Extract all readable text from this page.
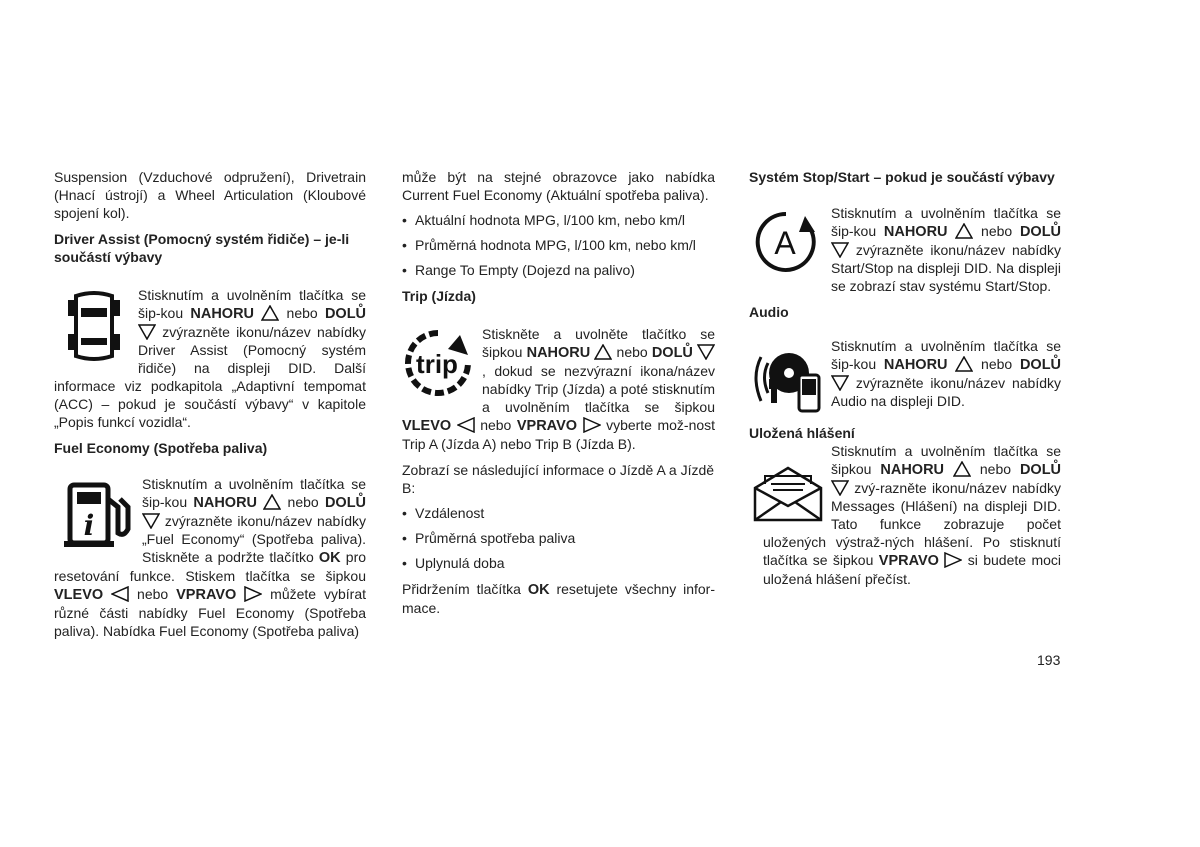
Suspension (Vzduchové odpružení), Drivetrain (Hnací ústrojí) a Wheel Articulation (Kloubové spojení kol).

Driver Assist (Pomocný systém řidiče) – je-li součástí výbavy

Stisknutím a uvolněním tlačítka se šip-kou NAHORU nebo DOLŮ  zvýrazněte ikonu/název nabídky Driver Assist (Pomocný systém řidiče) na displeji DID. Další informace viz podkapitola „Adaptivní tempomat (ACC) – pokud je součástí výbavy“ v kapitole „Popis funkcí vozidla“.

Fuel Economy (Spotřeba paliva)

i

Stisknutím a uvolněním tlačítka se šip-kou NAHORU nebo DOLŮ  zvýrazněte ikonu/název nabídky „Fuel Economy“ (Spotřeba paliva). Stiskněte a podržte tlačítko OK pro resetování funkce. Stiskem tlačítka se šipkou VLEVO nebo VPRAVO můžete vybírat různé části nabídky Fuel Economy (Spotřeba paliva). Nabídka Fuel Economy (Spotřeba paliva)

může být na stejné obrazovce jako nabídka Current Fuel Economy (Aktuální spotřeba paliva).

• Aktuální hodnota MPG, l/100 km, nebo km/l
• Průměrná hodnota MPG, l/100 km, nebo km/l
• Range To Empty (Dojezd na palivo)

Trip (Jízda)

trip

Stiskněte a uvolněte tlačítko se šipkou NAHORU nebo DOLŮ , dokud se nezvýrazní ikona/název nabídky Trip (Jízda) a poté stisknutím a uvolněním tlačítka se šipkou VLEVO nebo VPRAVO vyberte mož-nost Trip A (Jízda A) nebo Trip B (Jízda B).

Zobrazí se následující informace o Jízdě A a Jízdě B:

• Vzdálenost
• Průměrná spotřeba paliva
• Uplynulá doba

Přidržením tlačítka OK resetujete všechny infor-mace.

Systém Stop/Start – pokud je součástí výbavy

A

Stisknutím a uvolněním tlačítka se šip-kou NAHORU nebo DOLŮ  zvýrazněte ikonu/název nabídky Start/Stop na displeji DID. Na displeji se zobrazí stav systému Start/Stop.

Audio

Stisknutím a uvolněním tlačítka se šip-kou NAHORU nebo DOLŮ  zvýrazněte ikonu/název nabídky Audio na displeji DID.

Uložená hlášení

Stisknutím a uvolněním tlačítka se šipkou NAHORU	nebo DOLŮ  zvý-razněte ikonu/název nabídky Messages (Hlášení) na displeji DID. Tato funkce zobrazuje počet uložených výstraž-ných hlášení. Po stisknutí tlačítka se šipkou VPRAVO si budete moci uložená hlášení přečíst.

193
